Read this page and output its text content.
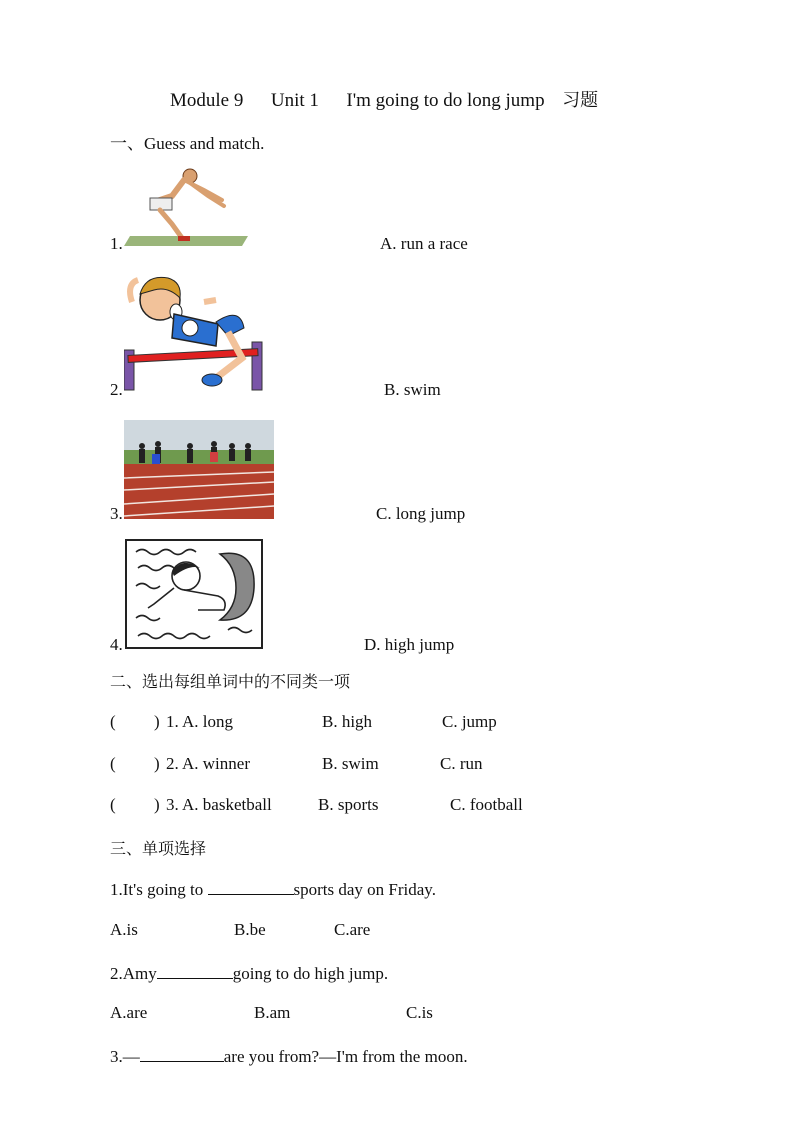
Module 9 Unit 1 I'm going to do long jump 习题
一、Guess and match.
1.	A. run a race
2.	B. swim
3.	C. long jump
4.	D. high jump
二、选出每组单词中的不同类一项
( ) 1. A. long	B. high	C. jump
( ) 2. A. winner	B. swim	C. run
( ) 3. A. basketball	B. sports	C. football
三、单项选择
1.It's going to	sports day on Friday.
A.is	B.be	C.are
2.Amy	going to do high jump.
A.are	B.am	C.is
3.—	are you from?—I'm from the moon.
